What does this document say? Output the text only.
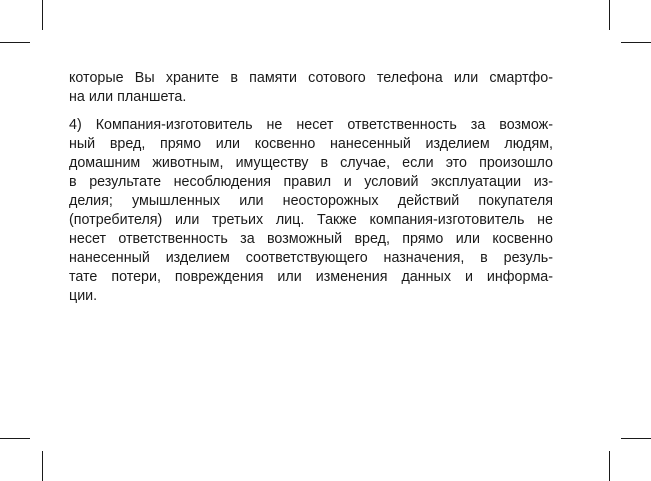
которые Вы храните в памяти сотового телефона или смартфо-
на или планшета.
4) Компания-изготовитель не несет ответственность за возмож-
ный вред, прямо или косвенно нанесенный изделием людям,
домашним животным, имуществу в случае, если это произошло
в результате несоблюдения правил и условий эксплуатации из-
делия; умышленных или неосторожных действий покупателя
(потребителя) или третьих лиц. Также компания-изготовитель не
несет ответственность за возможный вред, прямо или косвенно
нанесенный изделием соответствующего назначения, в резуль-
тате потери, повреждения или изменения данных и информа-
ции.
